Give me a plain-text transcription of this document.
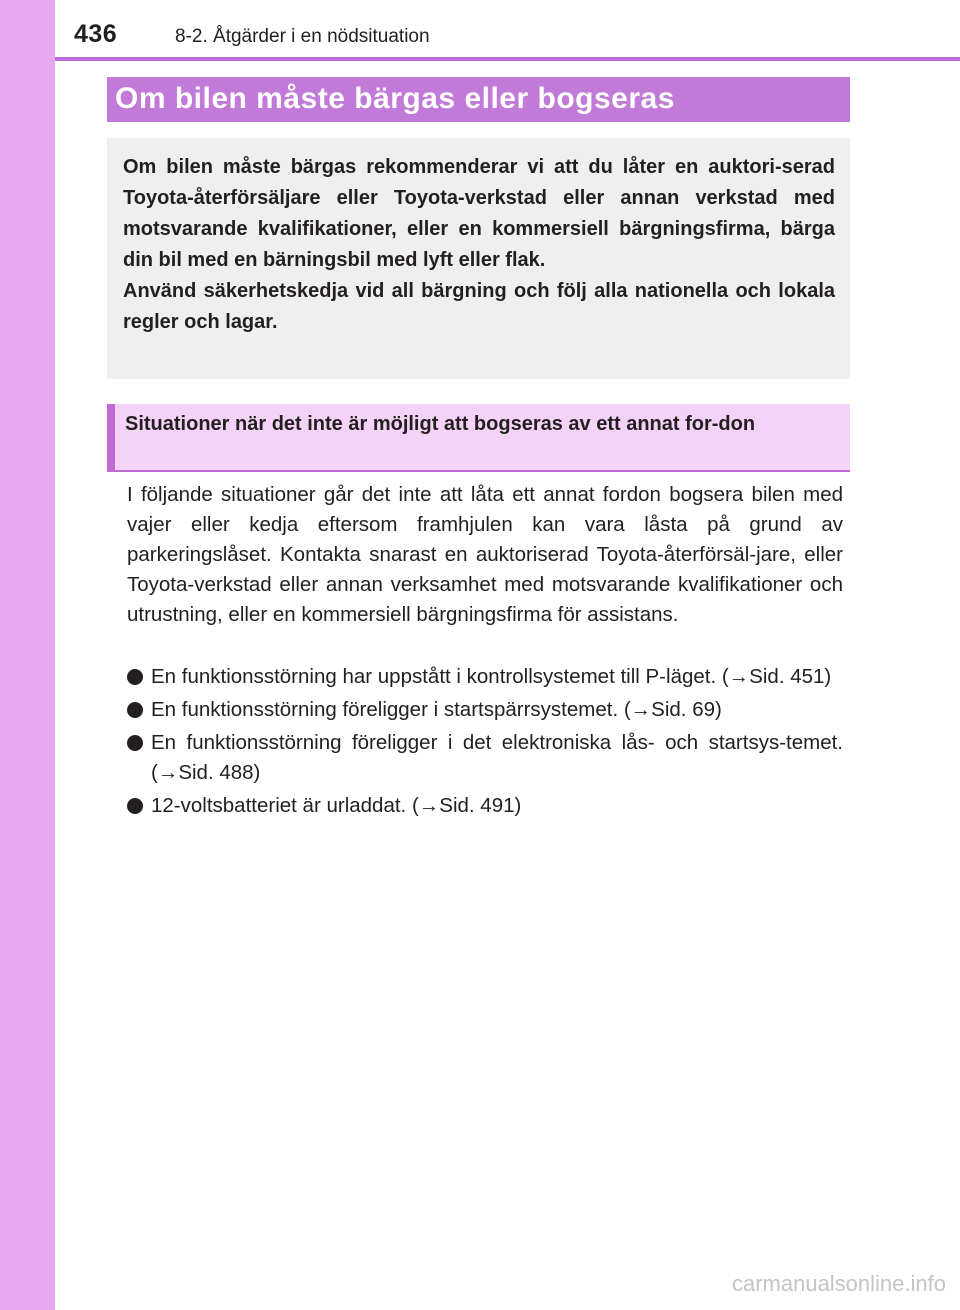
436	8-2. Åtgärder i en nödsituation
Om bilen måste bärgas eller bogseras

Om bilen måste bärgas rekommenderar vi att du låter en auktori-serad Toyota-återförsäljare eller Toyota-verkstad eller annan verkstad med motsvarande kvalifikationer, eller en kommersiell bärgningsfirma, bärga din bil med en bärningsbil med lyft eller flak.

Använd säkerhetskedja vid all bärgning och följ alla nationella och lokala regler och lagar.

Situationer när det inte är möjligt att bogseras av ett annat for-don

I följande situationer går det inte att låta ett annat fordon bogsera bilen med vajer eller kedja eftersom framhjulen kan vara låsta på grund av parkeringslåset. Kontakta snarast en auktoriserad Toyota-återförsäl-jare, eller Toyota-verkstad eller annan verksamhet med motsvarande kvalifikationer och utrustning, eller en kommersiell bärgningsfirma för assistans.

En funktionsstörning har uppstått i kontrollsystemet till P-läget. (→Sid. 451)
En funktionsstörning föreligger i startspärrsystemet. (→Sid. 69)
En funktionsstörning föreligger i det elektroniska lås- och startsys-temet. (→Sid. 488)
12-voltsbatteriet är urladdat. (→Sid. 491)
carmanualsonline.info
